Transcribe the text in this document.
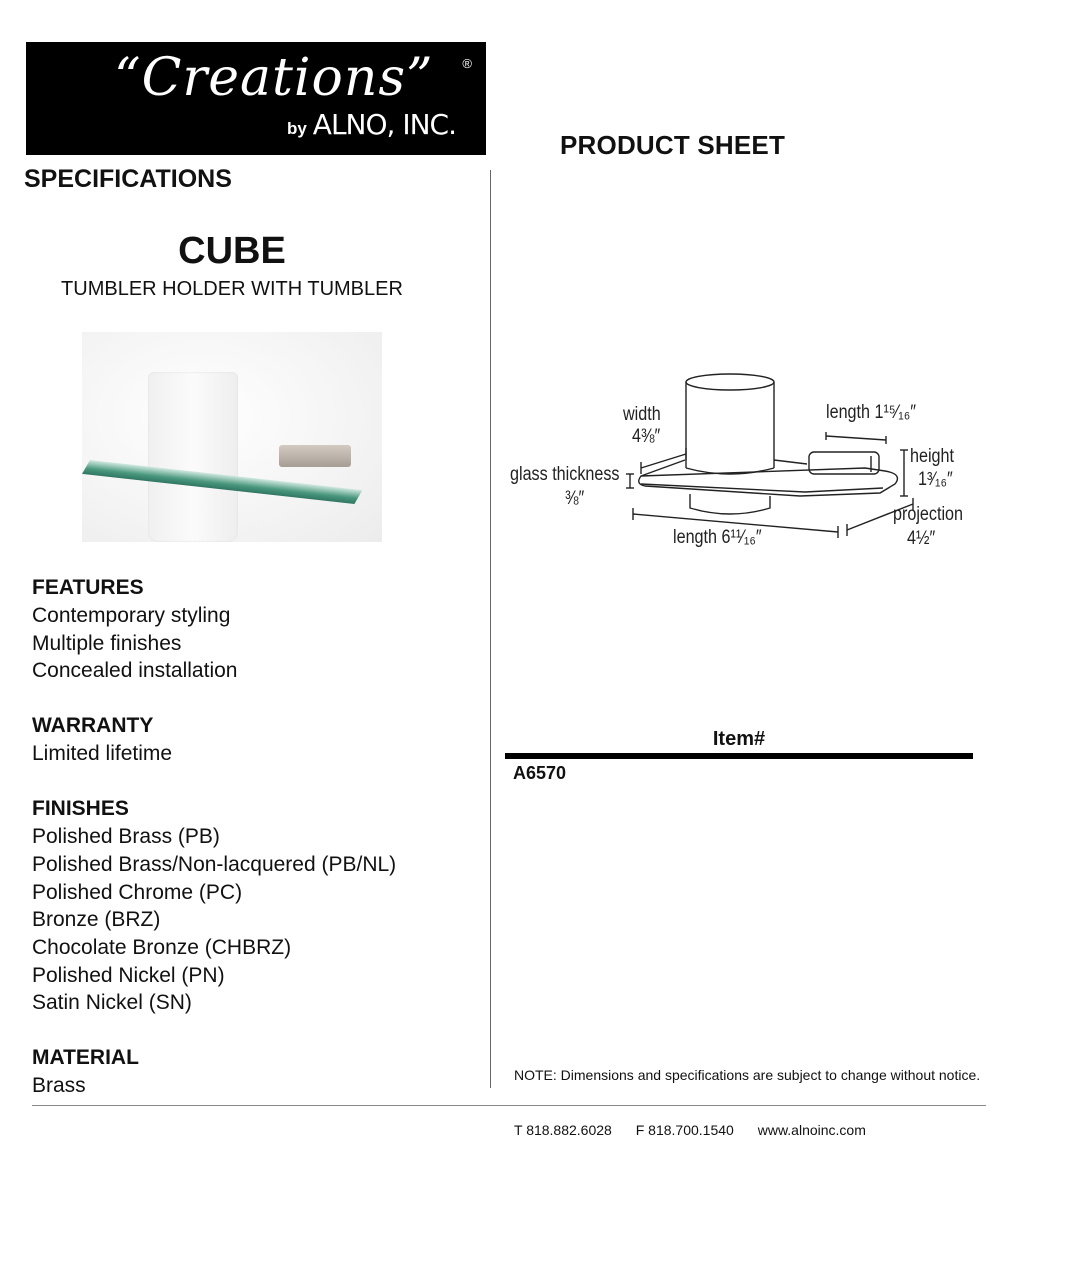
“Creations” ®
by ALNO, INC.
PRODUCT SHEET
SPECIFICATIONS
CUBE
TUMBLER HOLDER WITH TUMBLER
FEATURES
Contemporary styling
Multiple finishes
Concealed installation
WARRANTY
Limited lifetime
FINISHES
Polished Brass (PB)
Polished Brass/Non-lacquered (PB/NL)
Polished Chrome (PC)
Bronze (BRZ)
Chocolate Bronze (CHBRZ)
Polished Nickel (PN)
Satin Nickel (SN)
MATERIAL
Brass
width
4⅜″
length 1¹⁵⁄₁₆″
glass thickness
⅜″
height
1³⁄₁₆″
length 6¹¹⁄₁₆″
projection
4½″
Item#
A6570
NOTE: Dimensions and specifications are subject to change without notice.
T 818.882.6028 F 818.700.1540 www.alnoinc.com
